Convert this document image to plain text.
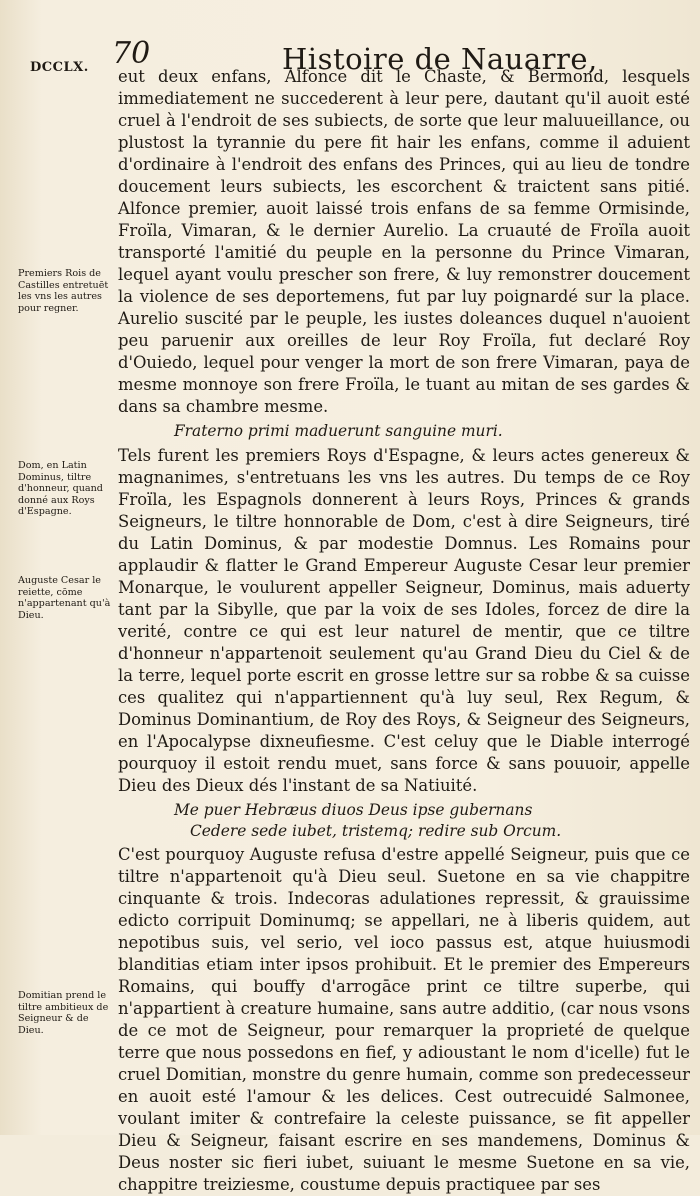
DCCLX. 70	Histoire de Nauarre,
Premiers Rois de Castilles entretuēt les vns les autres pour regner.
Dom, en Latin Dominus, tiltre d'honneur, quand donné aux Roys d'Espagne.
Auguste Cesar le reiette, cōme n'appartenant qu'à Dieu.
Domitian prend le tiltre ambitieux de Seigneur & de Dieu.

eut deux enfans, Alfonce dit le Chaste, & Bermond, lesquels immediatement ne succederent à leur pere, dautant qu'il auoit esté cruel à l'endroit de ses subiects, de sorte que leur maluueillance, ou plustost la tyrannie du pere fit hair les enfans, comme il aduient d'ordinaire à l'endroit des enfans des Princes, qui au lieu de tondre doucement leurs subiects, les escorchent & traictent sans pitié. Alfonce premier, auoit laissé trois enfans de sa femme Ormisinde, Froïla, Vimaran, & le dernier Aurelio. La cruauté de Froïla auoit transporté l'amitié du peuple en la personne du Prince Vimaran, lequel ayant voulu prescher son frere, & luy remonstrer doucement la violence de ses deportemens, fut par luy poignardé sur la place. Aurelio suscité par le peuple, les iustes doleances duquel n'auoient peu paruenir aux oreilles de leur Roy Froïla, fut declaré Roy d'Ouiedo, lequel pour venger la mort de son frere Vimaran, paya de mesme monnoye son frere Froïla, le tuant au mitan de ses gardes & dans sa chambre mesme.

Fraterno primi maduerunt sanguine muri.

Tels furent les premiers Roys d'Espagne, & leurs actes genereux & magnanimes, s'entretuans les vns les autres. Du temps de ce Roy Froïla, les Espagnols donnerent à leurs Roys, Princes & grands Seigneurs, le tiltre honnorable de Dom, c'est à dire Seigneurs, tiré du Latin Dominus, & par modestie Domnus. Les Romains pour applaudir & flatter le Grand Empereur Auguste Cesar leur premier Monarque, le voulurent appeller Seigneur, Dominus, mais aduerty tant par la Sibylle, que par la voix de ses Idoles, forcez de dire la verité, contre ce qui est leur naturel de mentir, que ce tiltre d'honneur n'appartenoit seulement qu'au Grand Dieu du Ciel & de la terre, lequel porte escrit en grosse lettre sur sa robbe & sa cuisse ces qualitez qui n'appartiennent qu'à luy seul, Rex Regum, & Dominus Dominantium, de Roy des Roys, & Seigneur des Seigneurs, en l'Apocalypse dixneufiesme. C'est celuy que le Diable interrogé pourquoy il estoit rendu muet, sans force & sans pouuoir, appelle Dieu des Dieux dés l'instant de sa Natiuité.

Me puer Hebræus diuos Deus ipse gubernans

Cedere sede iubet, tristemq; redire sub Orcum.

C'est pourquoy Auguste refusa d'estre appellé Seigneur, puis que ce tiltre n'appartenoit qu'à Dieu seul. Suetone en sa vie chappitre cinquante & trois. Indecoras adulationes repressit, & grauissime edicto corripuit Dominumq; se appellari, ne à liberis quidem, aut nepotibus suis, vel serio, vel ioco passus est, atque huiusmodi blanditias etiam inter ipsos prohibuit. Et le premier des Empereurs Romains, qui bouffy d'arrogāce print ce tiltre superbe, qui n'appartient à creature humaine, sans autre additio, (car nous vsons de ce mot de Seigneur, pour remarquer la proprieté de quelque terre que nous possedons en fief, y adioustant le nom d'icelle) fut le cruel Domitian, monstre du genre humain, comme son predecesseur en auoit esté l'amour & les delices. Cest outrecuidé Salmonee, voulant imiter & contrefaire la celeste puissance, se fit appeller Dieu & Seigneur, faisant escrire en ses mandemens, Dominus & Deus noster sic fieri iubet, suiuant le mesme Suetone en sa vie, chappitre treiziesme, coustume depuis practiquee par ses
